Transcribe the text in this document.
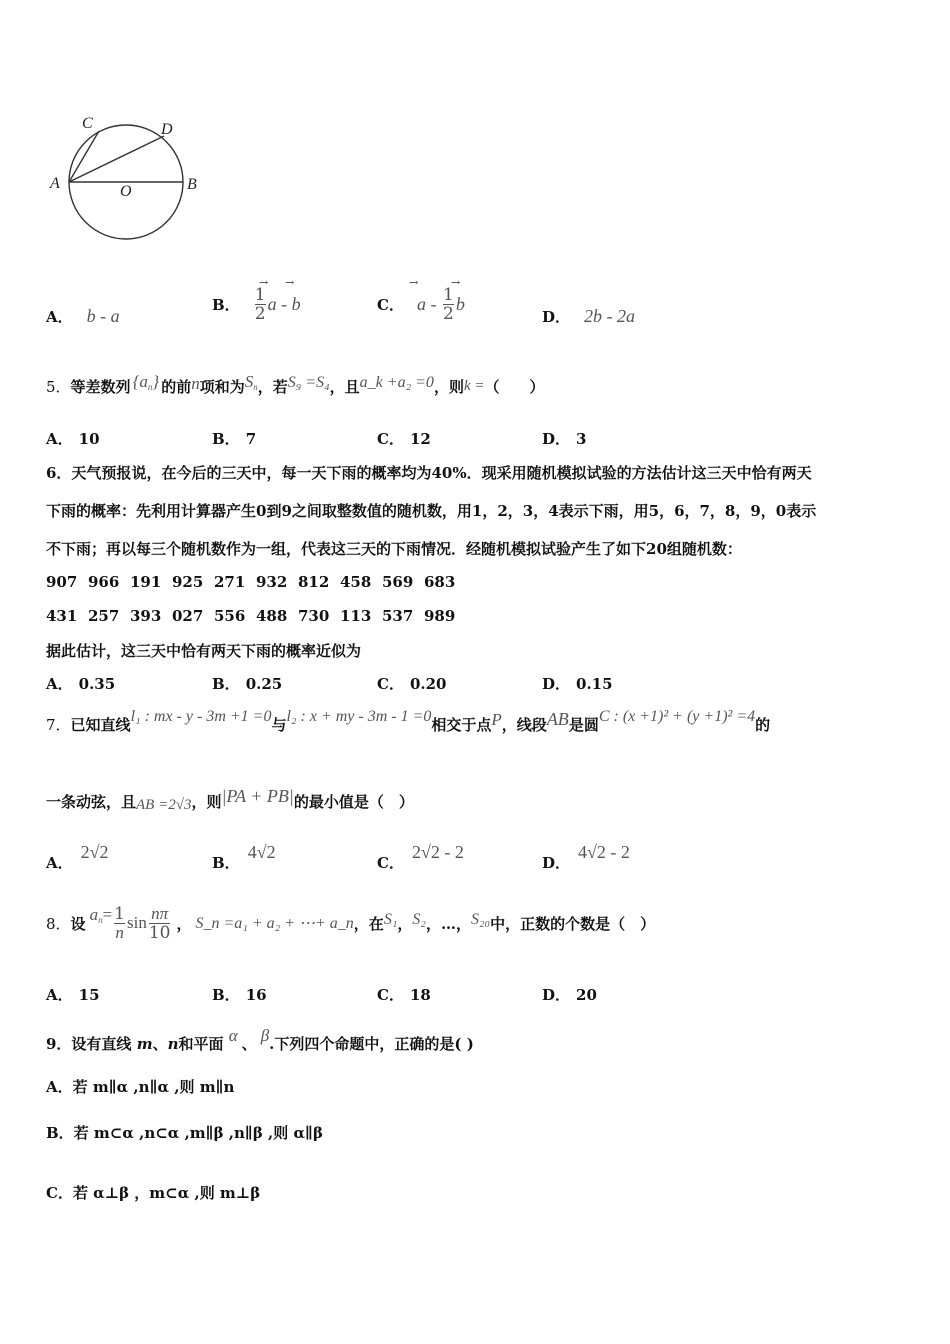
A	B
C	D
O
A． b - a
B． $\frac{1}{2}$ a - b
→ →
C． a - $\frac{1}{2}$ b
→	→
D． 2b - 2a
5．等差数列 $\{a_n\}$ 的前n项和为$S_n$，若S₉ =S₄，且a_k +a₂ =0，则k =（　　）
A． 10	B． 7	C． 12	D． 3
6．天气预报说，在今后的三天中，每一天下雨的概率均为40%．现采用随机模拟试验的方法估计这三天中恰有两天
下雨的概率：先利用计算器产生0到9之间取整数值的随机数，用1，2，3，4表示下雨，用5，6，7，8，9，0表示
不下雨；再以每三个随机数作为一组，代表这三天的下雨情况．经随机模拟试验产生了如下20组随机数：
907 966 191 925 271 932 812 458 569 683
431 257 393 027 556 488 730 113 537 989
据此估计，这三天中恰有两天下雨的概率近似为
A． 0.35	B． 0.25	C． 0.20	D． 0.15
7．已知直线l₁ : mx - y - 3m +1 =0与l₂ : x + my - 3m - 1 =0相交于点P，线段AB是圆C : (x +1)² + (y +1)² =4的
一条动弦，且AB =2√3，则|PA + PB|的最小值是（　）
A．2√2
B．4√2
C．2√2 - 2
D．4√2 - 2
8． 设 $a_n = \frac{1}{n}$ $\sin \frac{n\pi}{10}$ ， S_n =a₁ + a₂ + ⋯+ a_n ，在 S₁ ， S₂ ，…， S₂₀ 中，正数的个数是（　）
A． 15	B． 16	C． 18	D． 20
9．设有直线 m、n和平面 α 、 β.下列四个命题中，正确的是( )
A．若 m∥α ,n∥α ,则 m∥n
B．若 m⊂α ,n⊂α ,m∥β ,n∥β ,则 α∥β
C．若 α⊥β ，m⊂α ,则 m⊥β
